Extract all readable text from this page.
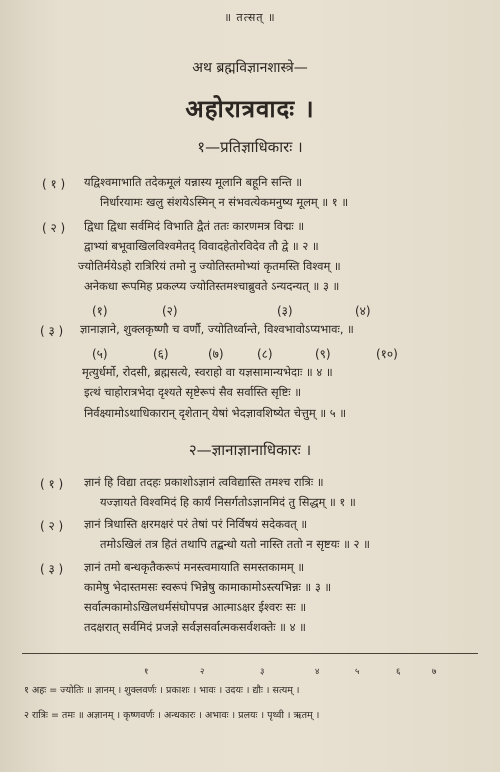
॥ तत्सत् ॥
अथ ब्रह्मविज्ञानशास्त्रे—
अहोरात्रवादः ।
१—प्रतिज्ञाधिकारः ।
( १ ) यद्विश्वमाभाति तदेकमूलं यन्नास्य मूलानि बहूनि सन्ति ॥
निर्धारयामः खलु संशयेऽस्मिन् न संभवत्येकमनुष्य मूलम् ॥ १ ॥
( २ ) द्विधा द्विधा सर्वमिदं विभाति द्वैतं ततः कारणमत्र विद्मः ॥
द्वाभ्यां बभूवाखिलविश्वमेतद् विवादहेतोरविदेव तौ द्वे ॥ २ ॥
ज्योतिर्मयेऽहो रात्रिरियं तमो नु ज्योतिस्तमोभ्यां कृतमस्ति विश्वम् ॥
अनेकधा रूपमिह प्रकल्प्य ज्योतिस्तमश्चाब्रुवते ऽन्यदन्यत् ॥ ३ ॥
(१)	(२)	(३)	(४)
( ३ ) ज्ञानाज्ञाने, शुक्लकृष्णौ च वर्णौ, ज्योतिर्ध्वान्ते, विश्वभावोऽप्यभावः, ॥
(५)	(६)	(७)	(८)	(९)	(१०)
मृत्युर्धर्मो, रोदसी, ब्रह्मसत्ये, स्वराहो वा यज्ञसामान्यभेदाः ॥ ४ ॥
इत्थं चाहोरात्रभेदा दृश्यते सृष्टेरूपं सैव सर्वास्ति सृष्टिः ॥
निर्वक्ष्यामोऽथाधिकारान् दृशेतान् येषां भेदज्ञावशिष्येत चेत्तुम् ॥ ५ ॥
२—ज्ञानाज्ञानाधिकारः ।
( १ ) ज्ञानं हि विद्या तदहः प्रकाशोऽज्ञानं त्वविद्यास्ति तमश्च रात्रिः ॥
यज्ज्ञायते विश्वमिदं हि कार्यं निसर्गतोऽज्ञानमिदं तु सिद्धम् ॥ १ ॥
( २ ) ज्ञानं त्रिधास्ति क्षरमक्षरं परं तेषां परं निर्विषयं सदेकवत् ॥
तमोऽखिलं तत्र हितं तथापि तद्बन्धो यतो नास्ति ततो न सृष्टयः ॥ २ ॥
( ३ ) ज्ञानं तमो बन्धकृतैकरूपं मनस्त्वमायाति समस्तकामम् ॥
कामेषु भेदास्तमसः स्वरूपं भिन्नेषु कामाकामोऽस्त्यभिन्नः ॥ ३ ॥
सर्वात्मकामोऽखिलधर्मसंघोपपन्न आत्माऽक्षर ईश्वरः सः ॥
तदक्षरात् सर्वमिदं प्रजज्ञे सर्वज्ञसर्वात्मकसर्वशक्तेः ॥ ४ ॥
१	२	३	४	५	६	७
१ अहः = ज्योतिः ॥ ज्ञानम् । शुक्लवर्णः । प्रकाशः । भावः । उदयः । द्यौः । सत्यम् ।
२ रात्रिः = तमः ॥ अज्ञानम् । कृष्णवर्णः । अन्धकारः । अभावः । प्रलयः । पृथ्वी । ऋतम् ।
